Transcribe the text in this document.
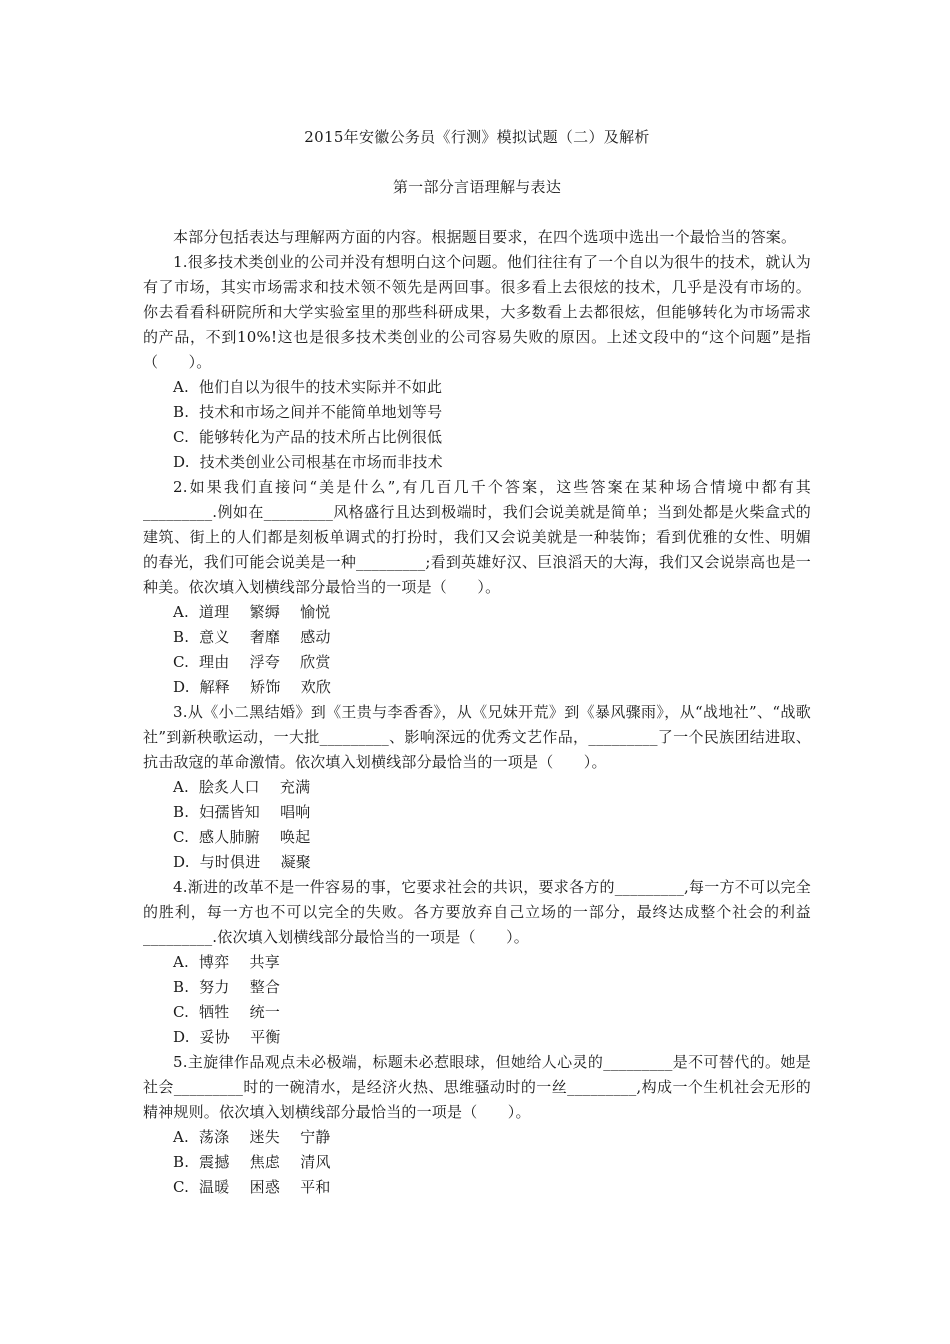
2015年安徽公务员《行测》模拟试题（二）及解析
第一部分言语理解与表达

本部分包括表达与理解两方面的内容。根据题目要求，在四个选项中选出一个最恰当的答案。

1.很多技术类创业的公司并没有想明白这个问题。他们往往有了一个自以为很牛的技术，就认为有了市场，其实市场需求和技术领不领先是两回事。很多看上去很炫的技术，几乎是没有市场的。你去看看科研院所和大学实验室里的那些科研成果，大多数看上去都很炫，但能够转化为市场需求的产品，不到10%!这也是很多技术类创业的公司容易失败的原因。上述文段中的“这个问题”是指（　　）。

A.  他们自以为很牛的技术实际并不如此
B.  技术和市场之间并不能简单地划等号
C.  能够转化为产品的技术所占比例很低
D.  技术类创业公司根基在市场而非技术

2.如果我们直接问“美是什么”,有几百几千个答案，这些答案在某种场合情境中都有其_________.例如在_________风格盛行且达到极端时，我们会说美就是简单；当到处都是火柴盒式的建筑、街上的人们都是刻板单调式的打扮时，我们又会说美就是一种装饰；看到优雅的女性、明媚的春光，我们可能会说美是一种_________;看到英雄好汉、巨浪滔天的大海，我们又会说崇高也是一种美。依次填入划横线部分最恰当的一项是（　　）。

A.  道理　 繁缛　 愉悦
B.  意义　 奢靡　 感动
C.  理由　 浮夸　 欣赏
D.  解释　 矫饰　 欢欣

3.从《小二黑结婚》到《王贵与李香香》，从《兄妹开荒》到《暴风骤雨》，从“战地社”、“战歌社”到新秧歌运动，一大批_________、影响深远的优秀文艺作品，_________了一个民族团结进取、抗击敌寇的革命激情。依次填入划横线部分最恰当的一项是（　　）。

A.  脍炙人口　 充满
B.  妇孺皆知　 唱响
C.  感人肺腑　 唤起
D.  与时俱进　 凝聚

4.渐进的改革不是一件容易的事，它要求社会的共识，要求各方的_________,每一方不可以完全的胜利，每一方也不可以完全的失败。各方要放弃自己立场的一部分，最终达成整个社会的利益_________.依次填入划横线部分最恰当的一项是（　　）。

A.  博弈　 共享
B.  努力　 整合
C.  牺牲　 统一
D.  妥协　 平衡

5.主旋律作品观点未必极端，标题未必惹眼球，但她给人心灵的_________是不可替代的。她是社会_________时的一碗清水，是经济火热、思维骚动时的一丝_________,构成一个生机社会无形的精神规则。依次填入划横线部分最恰当的一项是（　　）。

A.  荡涤　 迷失　 宁静
B.  震撼　 焦虑　 清风
C.  温暖　 困惑　 平和
